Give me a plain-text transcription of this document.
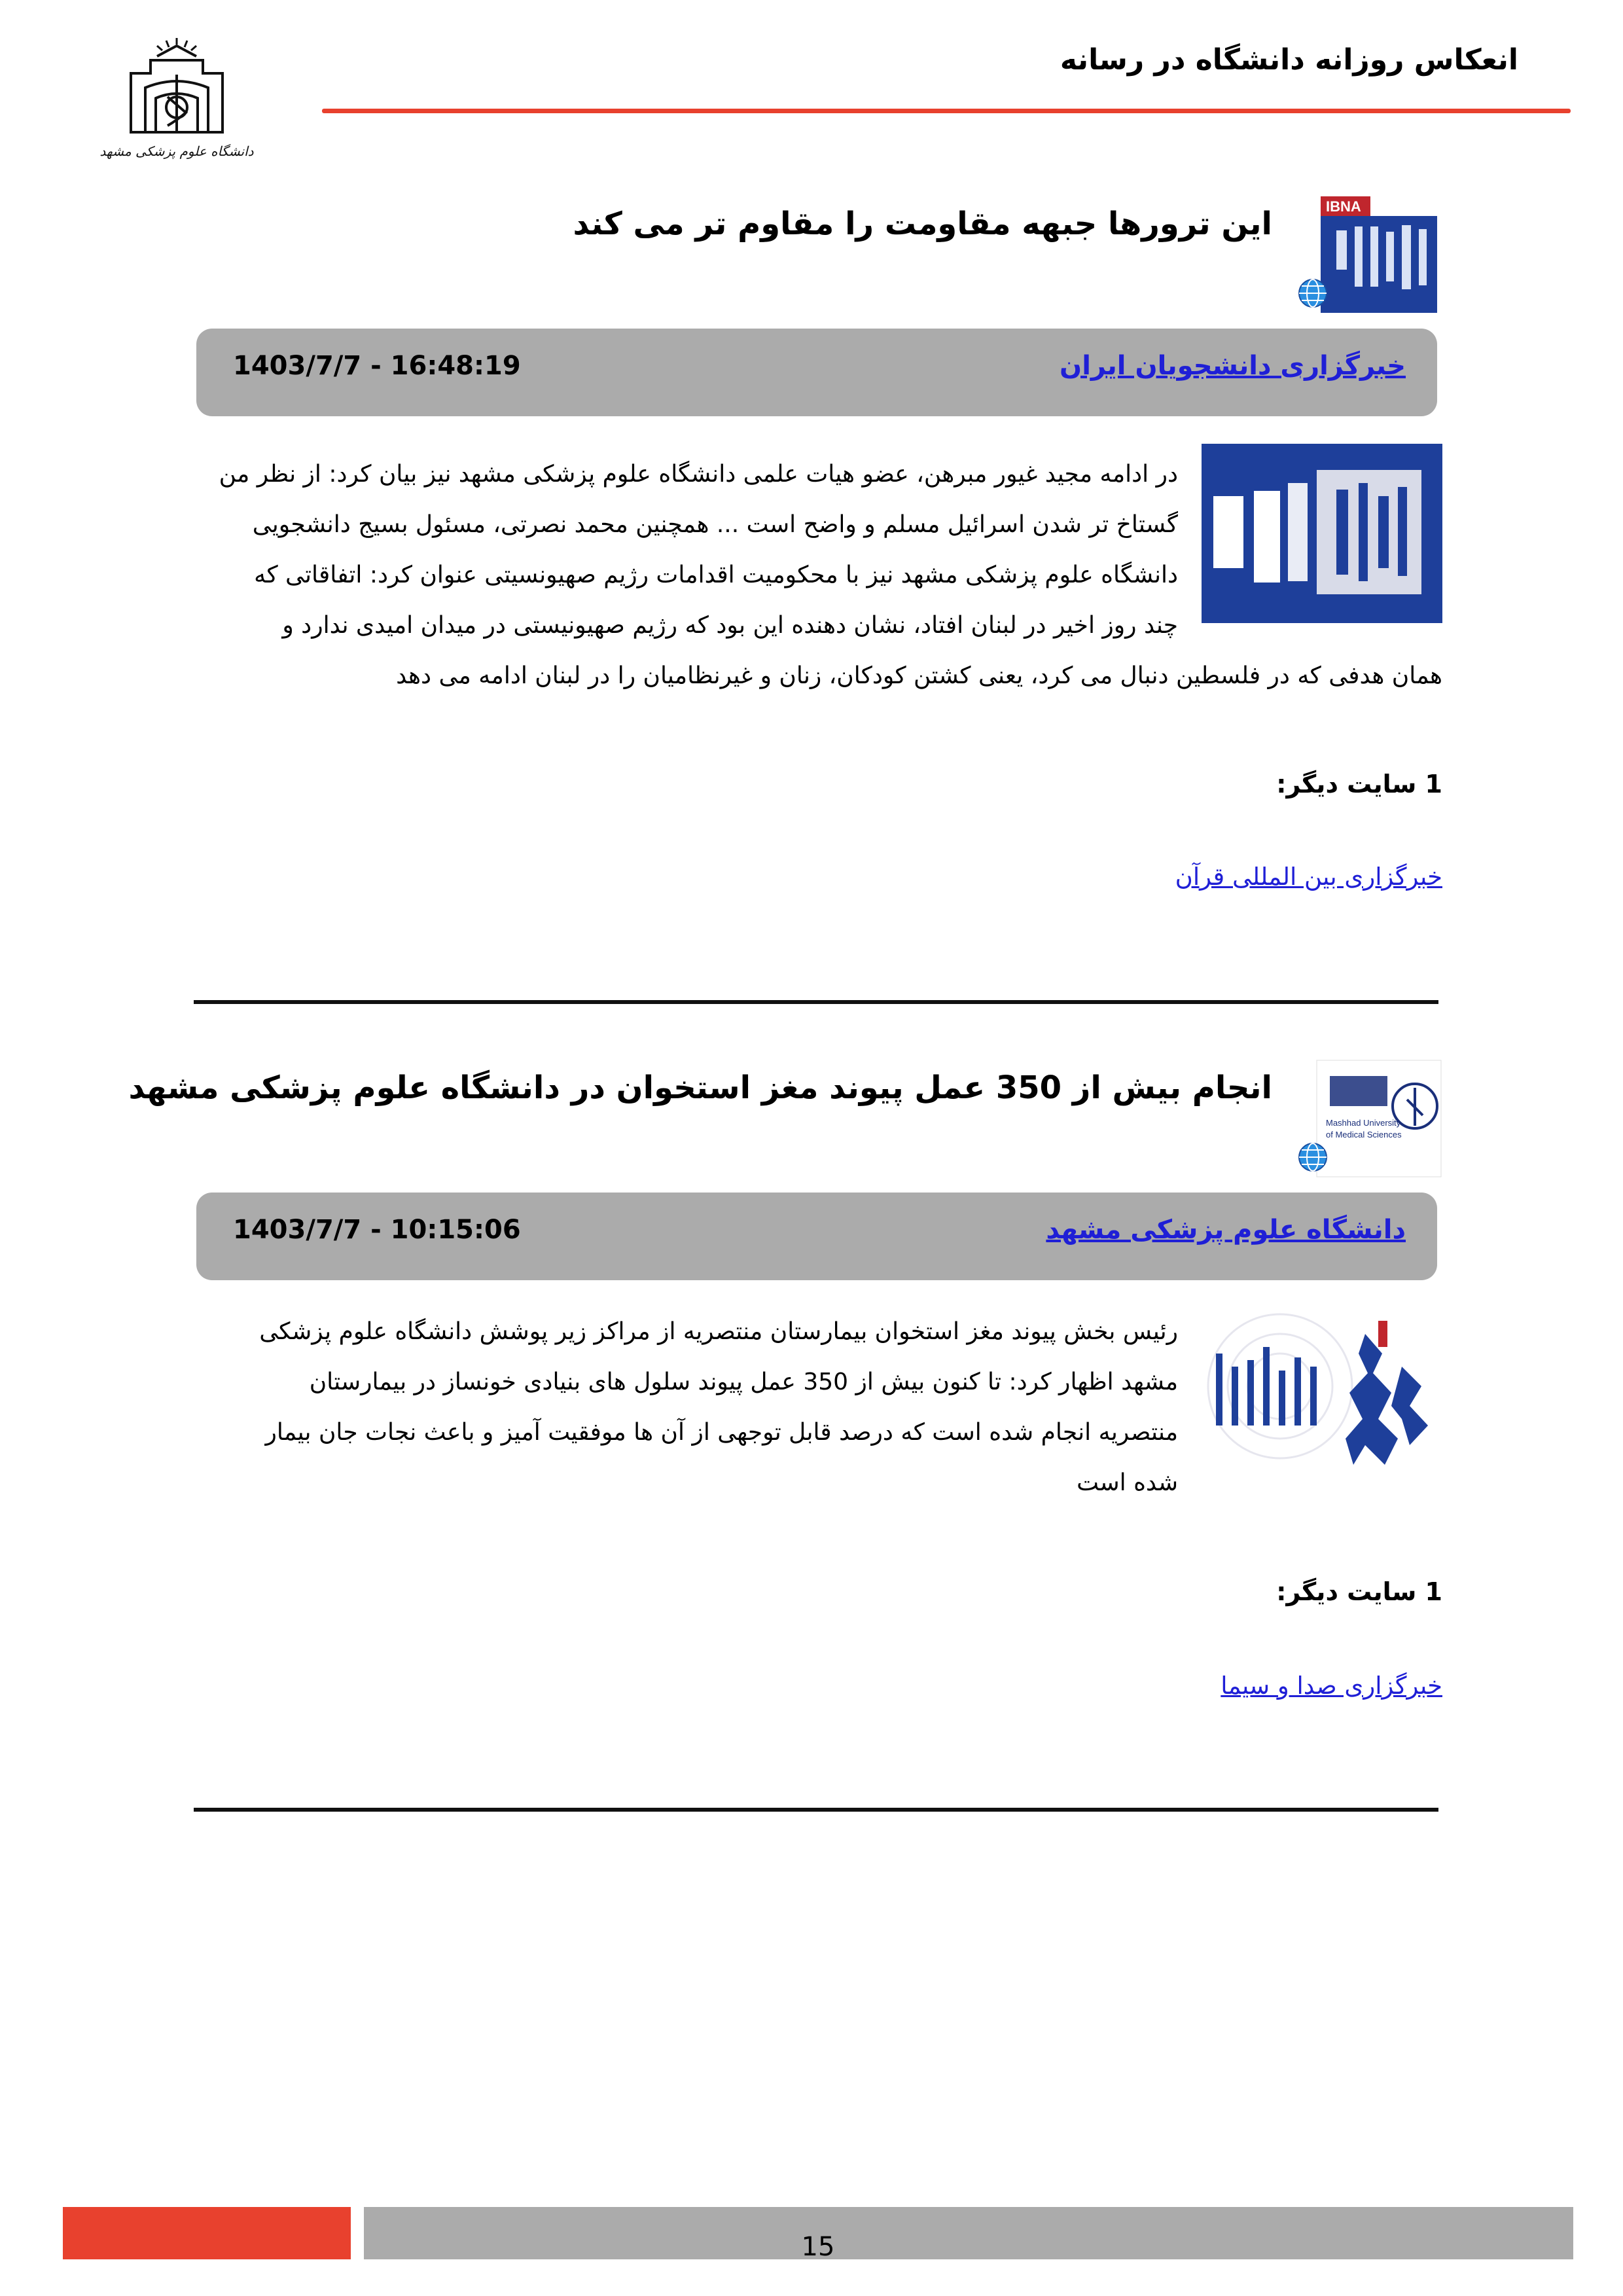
انعکاس روزانه دانشگاه در رسانه
دانشگاه علوم پزشکی مشهد
این ترورها جبهه مقاومت را مقاوم تر می کند	IBNA
خبرگزاری دانشجویان ایران
1403/7/7 - 16:48:19
در ادامه مجید غیور مبرهن، عضو هیات علمی دانشگاه علوم پزشکی مشهد نیز بیان کرد: از نظر من
گستاخ تر شدن اسرائیل مسلم و واضح است ... همچنین محمد نصرتی، مسئول بسیج دانشجویی
دانشگاه علوم پزشکی مشهد نیز با محکومیت اقدامات رژیم صهیونسیتی عنوان کرد: اتفاقاتی که
چند روز اخیر در لبنان افتاد، نشان دهنده این بود که رژیم صهیونیستی در میدان امیدی ندارد و
همان هدفی که در فلسطین دنبال می کرد، یعنی کشتن کودکان، زنان و غیرنظامیان را در لبنان ادامه می دهد
1 سایت دیگر:
خبرگزاری بین المللی قرآن
انجام بیش از 350 عمل پیوند مغز استخوان در دانشگاه علوم پزشکی مشهد
Mashhad University
of Medical Sciences
دانشگاه علوم پزشکی مشهد
1403/7/7 - 10:15:06
رئیس بخش پیوند مغز استخوان بیمارستان منتصریه از مراکز زیر پوشش دانشگاه علوم پزشکی
مشهد اظهار کرد: تا کنون بیش از 350 عمل پیوند سلول های بنیادی خونساز در بیمارستان
منتصریه انجام شده است که درصد قابل توجهی از آن ها موفقیت آمیز و باعث نجات جان بیمار
شده است
1 سایت دیگر:
خبرگزاری صدا و سیما
15
